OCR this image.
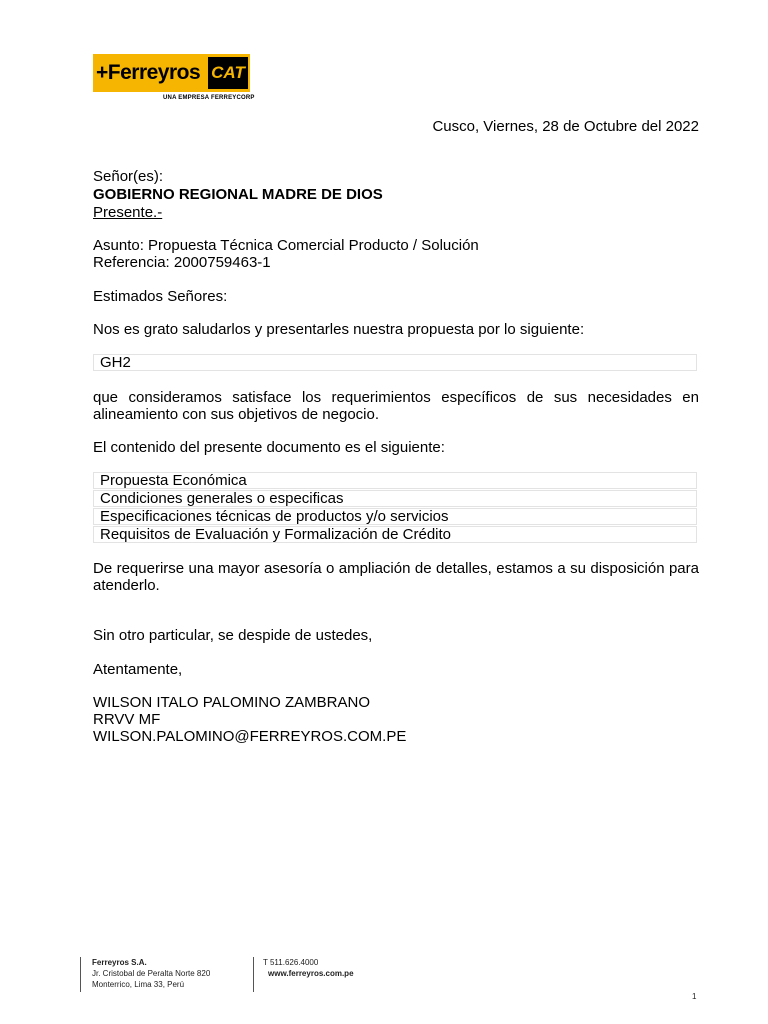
+Ferreyros CAT
UNA EMPRESA FERREYCORP
Cusco, Viernes, 28 de Octubre del 2022
Señor(es):
GOBIERNO REGIONAL MADRE DE DIOS
Presente.-
Asunto: Propuesta Técnica Comercial Producto / Solución
Referencia: 2000759463-1
Estimados Señores:
Nos es grato saludarlos y presentarles nuestra propuesta por lo siguiente:
GH2
que consideramos satisface los requerimientos específicos de sus necesidades en alineamiento con sus objetivos de negocio.
El contenido del presente documento es el siguiente:
Propuesta Económica
Condiciones generales o especificas
Especificaciones técnicas de productos y/o servicios
Requisitos de Evaluación y Formalización de Crédito
De requerirse una mayor asesoría o ampliación de detalles, estamos a su disposición para atenderlo.
Sin otro particular, se despide de ustedes,
Atentamente,
WILSON ITALO PALOMINO ZAMBRANO
RRVV MF
WILSON.PALOMINO@FERREYROS.COM.PE
Ferreyros S.A.
Jr. Cristobal de Peralta Norte 820
Monterrico, Lima 33, Perú
T 511.626.4000
www.ferreyros.com.pe
1
